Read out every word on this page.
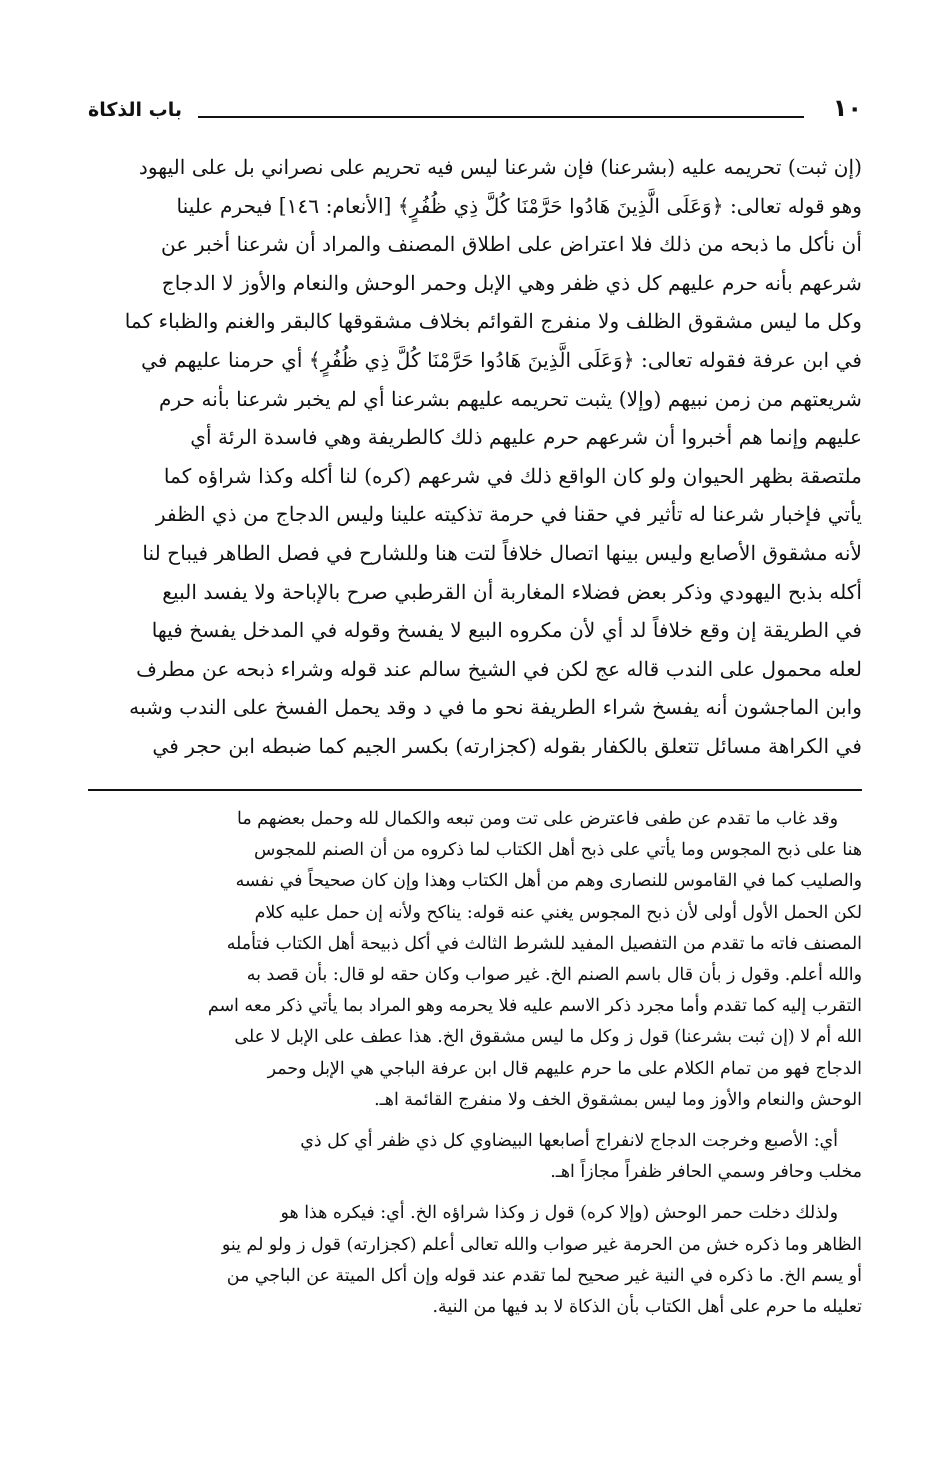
١٠
باب الذكاة
(إن ثبت) تحريمه عليه (بشرعنا) فإن شرعنا ليس فيه تحريم على نصراني بل على اليهود
وهو قوله تعالى: ﴿وَعَلَى الَّذِينَ هَادُوا حَرَّمْنَا كُلَّ ذِي ظُفُرٍ﴾ [الأنعام: ١٤٦] فيحرم علينا
أن نأكل ما ذبحه من ذلك فلا اعتراض على اطلاق المصنف والمراد أن شرعنا أخبر عن
شرعهم بأنه حرم عليهم كل ذي ظفر وهي الإبل وحمر الوحش والنعام والأوز لا الدجاج
وكل ما ليس مشقوق الظلف ولا منفرج القوائم بخلاف مشقوقها كالبقر والغنم والظباء كما
في ابن عرفة فقوله تعالى: ﴿وَعَلَى الَّذِينَ هَادُوا حَرَّمْنَا كُلَّ ذِي ظُفُرٍ﴾ أي حرمنا عليهم في
شريعتهم من زمن نبيهم (وإلا) يثبت تحريمه عليهم بشرعنا أي لم يخبر شرعنا بأنه حرم
عليهم وإنما هم أخبروا أن شرعهم حرم عليهم ذلك كالطريفة وهي فاسدة الرئة أي
ملتصقة بظهر الحيوان ولو كان الواقع ذلك في شرعهم (كره) لنا أكله وكذا شراؤه كما
يأتي فإخبار شرعنا له تأثير في حقنا في حرمة تذكيته علينا وليس الدجاج من ذي الظفر
لأنه مشقوق الأصابع وليس بينها اتصال خلافاً لتت هنا وللشارح في فصل الطاهر فيباح لنا
أكله بذبح اليهودي وذكر بعض فضلاء المغاربة أن القرطبي صرح بالإباحة ولا يفسد البيع
في الطريقة إن وقع خلافاً لد أي لأن مكروه البيع لا يفسخ وقوله في المدخل يفسخ فيها
لعله محمول على الندب قاله عج لكن في الشيخ سالم عند قوله وشراء ذبحه عن مطرف
وابن الماجشون أنه يفسخ شراء الطريفة نحو ما في د وقد يحمل الفسخ على الندب وشبه
في الكراهة مسائل تتعلق بالكفار بقوله (كجزارته) بكسر الجيم كما ضبطه ابن حجر في
وقد غاب ما تقدم عن طفى فاعترض على تت ومن تبعه والكمال لله وحمل بعضهم ما
هنا على ذبح المجوس وما يأتي على ذبح أهل الكتاب لما ذكروه من أن الصنم للمجوس
والصليب كما في القاموس للنصارى وهم من أهل الكتاب وهذا وإن كان صحيحاً في نفسه
لكن الحمل الأول أولى لأن ذبح المجوس يغني عنه قوله: يناكح ولأنه إن حمل عليه كلام
المصنف فاته ما تقدم من التفصيل المفيد للشرط الثالث في أكل ذبيحة أهل الكتاب فتأمله
والله أعلم. وقول ز بأن قال باسم الصنم الخ. غير صواب وكان حقه لو قال: بأن قصد به
التقرب إليه كما تقدم وأما مجرد ذكر الاسم عليه فلا يحرمه وهو المراد بما يأتي ذكر معه اسم
الله أم لا (إن ثبت بشرعنا) قول ز وكل ما ليس مشقوق الخ. هذا عطف على الإبل لا على
الدجاج فهو من تمام الكلام على ما حرم عليهم قال ابن عرفة الباجي هي الإبل وحمر
الوحش والنعام والأوز وما ليس بمشقوق الخف ولا منفرج القائمة اهـ.
أي: الأصبع وخرجت الدجاج لانفراج أصابعها البيضاوي كل ذي ظفر أي كل ذي
مخلب وحافر وسمي الحافر ظفراً مجازاً اهـ.
ولذلك دخلت حمر الوحش (وإلا كره) قول ز وكذا شراؤه الخ. أي: فيكره هذا هو
الظاهر وما ذكره خش من الحرمة غير صواب والله تعالى أعلم (كجزارته) قول ز ولو لم ينو
أو يسم الخ. ما ذكره في النية غير صحيح لما تقدم عند قوله وإن أكل الميتة عن الباجي من
تعليله ما حرم على أهل الكتاب بأن الذكاة لا بد فيها من النية.
